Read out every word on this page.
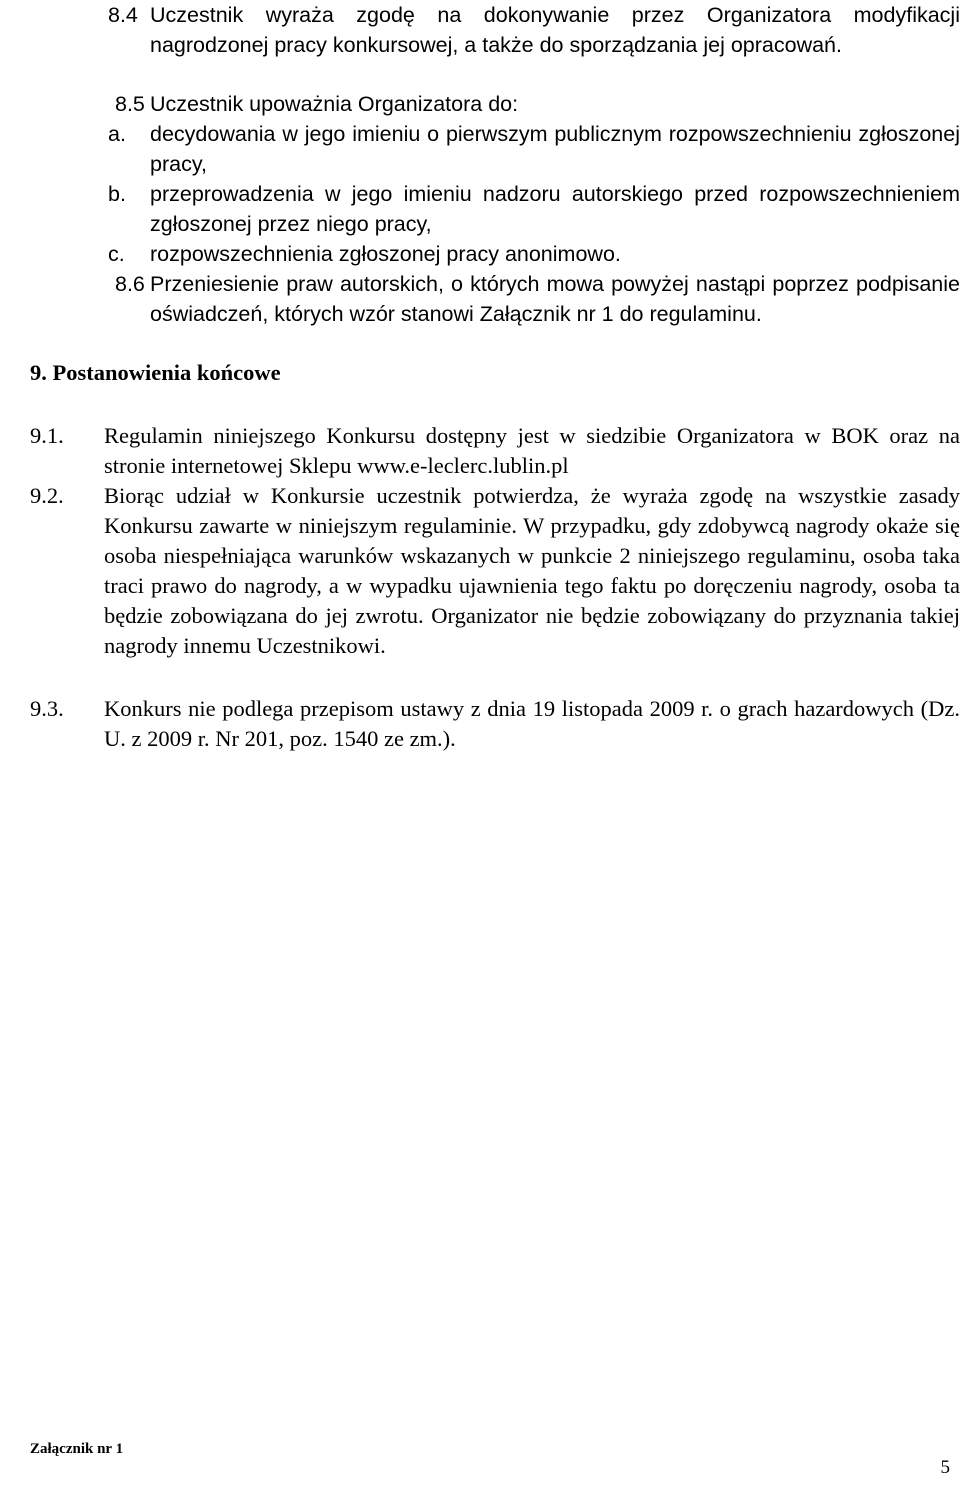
8.4 Uczestnik wyraża zgodę na dokonywanie przez Organizatora modyfikacji nagrodzonej pracy konkursowej, a także do sporządzania jej opracowań.
8.5 Uczestnik upoważnia Organizatora do:
a.	decydowania w jego imieniu o pierwszym publicznym rozpowszechnieniu zgłoszonej pracy,
b.	przeprowadzenia w jego imieniu nadzoru autorskiego przed rozpowszechnieniem zgłoszonej przez niego pracy,
c.	rozpowszechnienia zgłoszonej pracy anonimowo.
8.6 Przeniesienie praw autorskich, o których mowa powyżej nastąpi poprzez podpisanie oświadczeń, których wzór stanowi Załącznik nr 1 do regulaminu.
9. Postanowienia końcowe
9.1.	Regulamin niniejszego Konkursu dostępny jest w siedzibie Organizatora w BOK oraz na stronie internetowej Sklepu www.e-leclerc.lublin.pl
9.2.	Biorąc udział w Konkursie uczestnik potwierdza, że wyraża zgodę na wszystkie zasady Konkursu zawarte w niniejszym regulaminie. W przypadku, gdy zdobywcą nagrody okaże się osoba niespełniająca warunków wskazanych w punkcie 2 niniejszego regulaminu, osoba taka traci prawo do nagrody, a w wypadku ujawnienia tego faktu po doręczeniu nagrody, osoba ta będzie zobowiązana do jej zwrotu. Organizator nie będzie zobowiązany do przyznania takiej nagrody innemu Uczestnikowi.
9.3.	Konkurs nie podlega przepisom ustawy z dnia 19 listopada 2009 r. o grach hazardowych (Dz. U. z 2009 r. Nr 201, poz. 1540 ze zm.).
Załącznik nr 1
5
